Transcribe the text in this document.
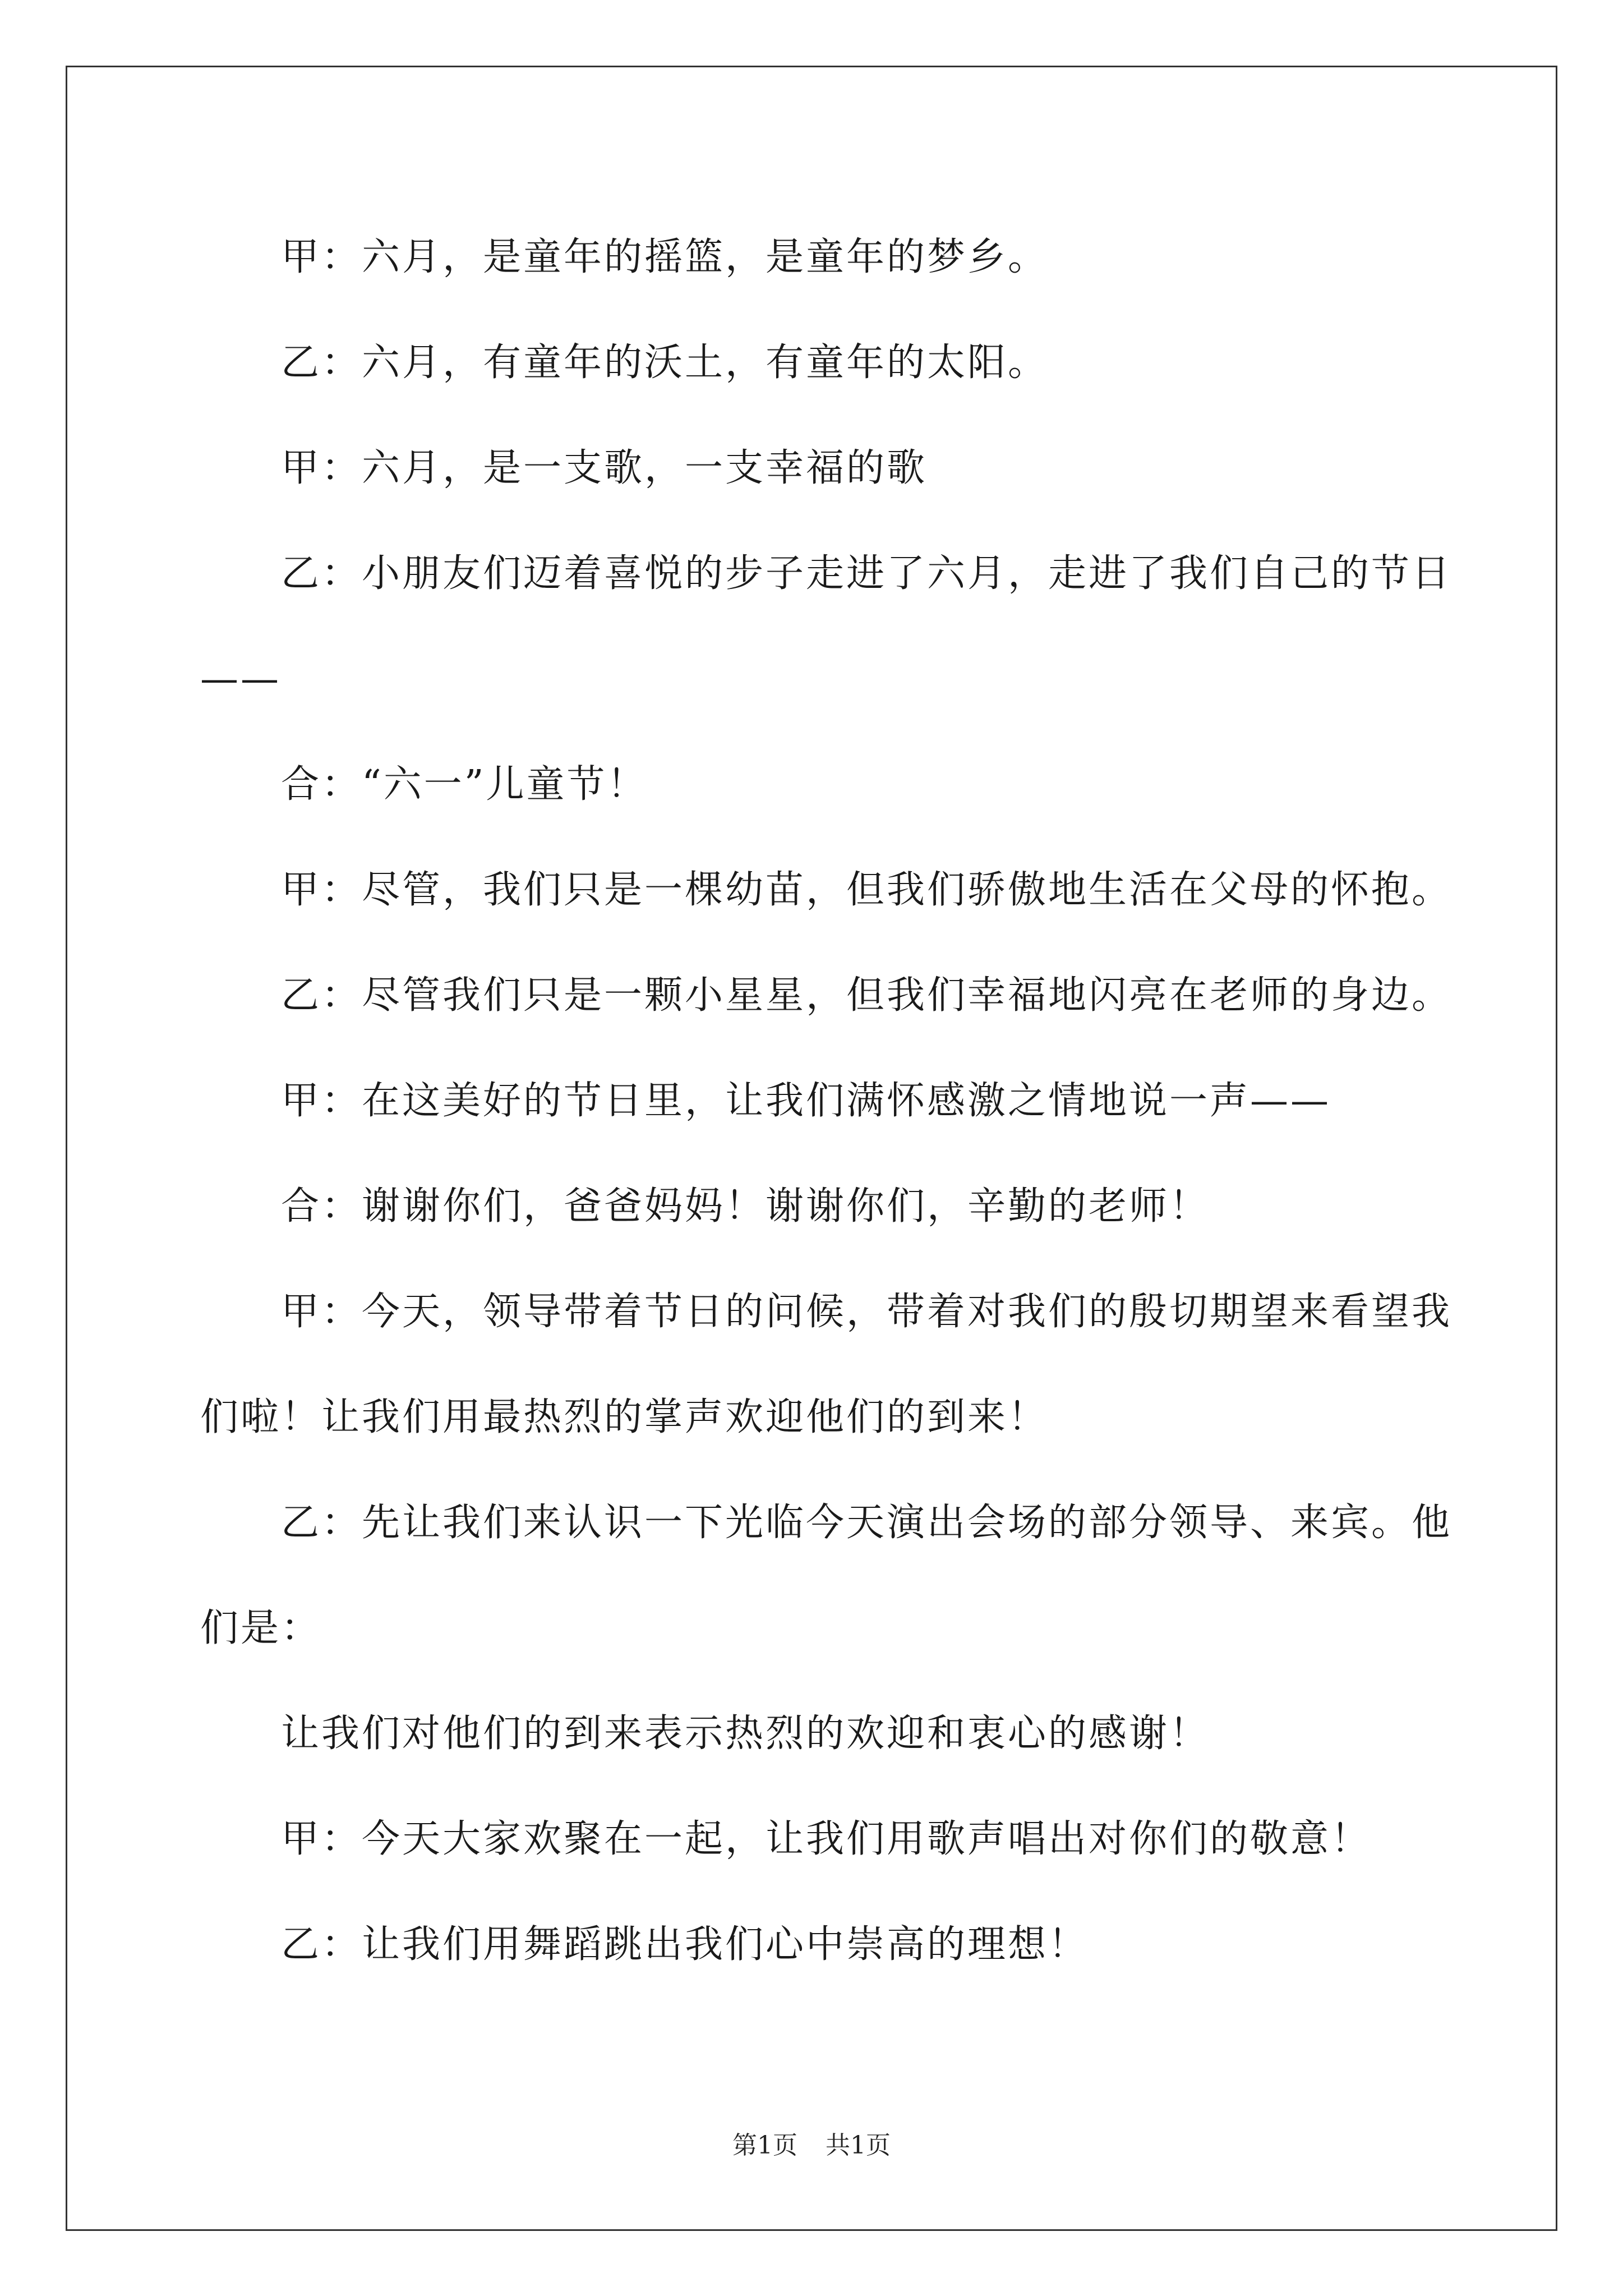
甲：六月，是童年的摇篮，是童年的梦乡。

乙：六月，有童年的沃土，有童年的太阳。

甲：六月，是一支歌，一支幸福的歌

乙：小朋友们迈着喜悦的步子走进了六月，走进了我们自己的节日——

合：“六一”儿童节！

甲：尽管，我们只是一棵幼苗，但我们骄傲地生活在父母的怀抱。

乙：尽管我们只是一颗小星星，但我们幸福地闪亮在老师的身边。

甲：在这美好的节日里，让我们满怀感激之情地说一声——

合：谢谢你们，爸爸妈妈！谢谢你们，辛勤的老师！

甲：今天，领导带着节日的问候，带着对我们的殷切期望来看望我们啦！让我们用最热烈的掌声欢迎他们的到来！

乙：先让我们来认识一下光临今天演出会场的部分领导、来宾。他们是：

让我们对他们的到来表示热烈的欢迎和衷心的感谢！

甲：今天大家欢聚在一起，让我们用歌声唱出对你们的敬意！

乙：让我们用舞蹈跳出我们心中崇高的理想！

第1页 共1页
